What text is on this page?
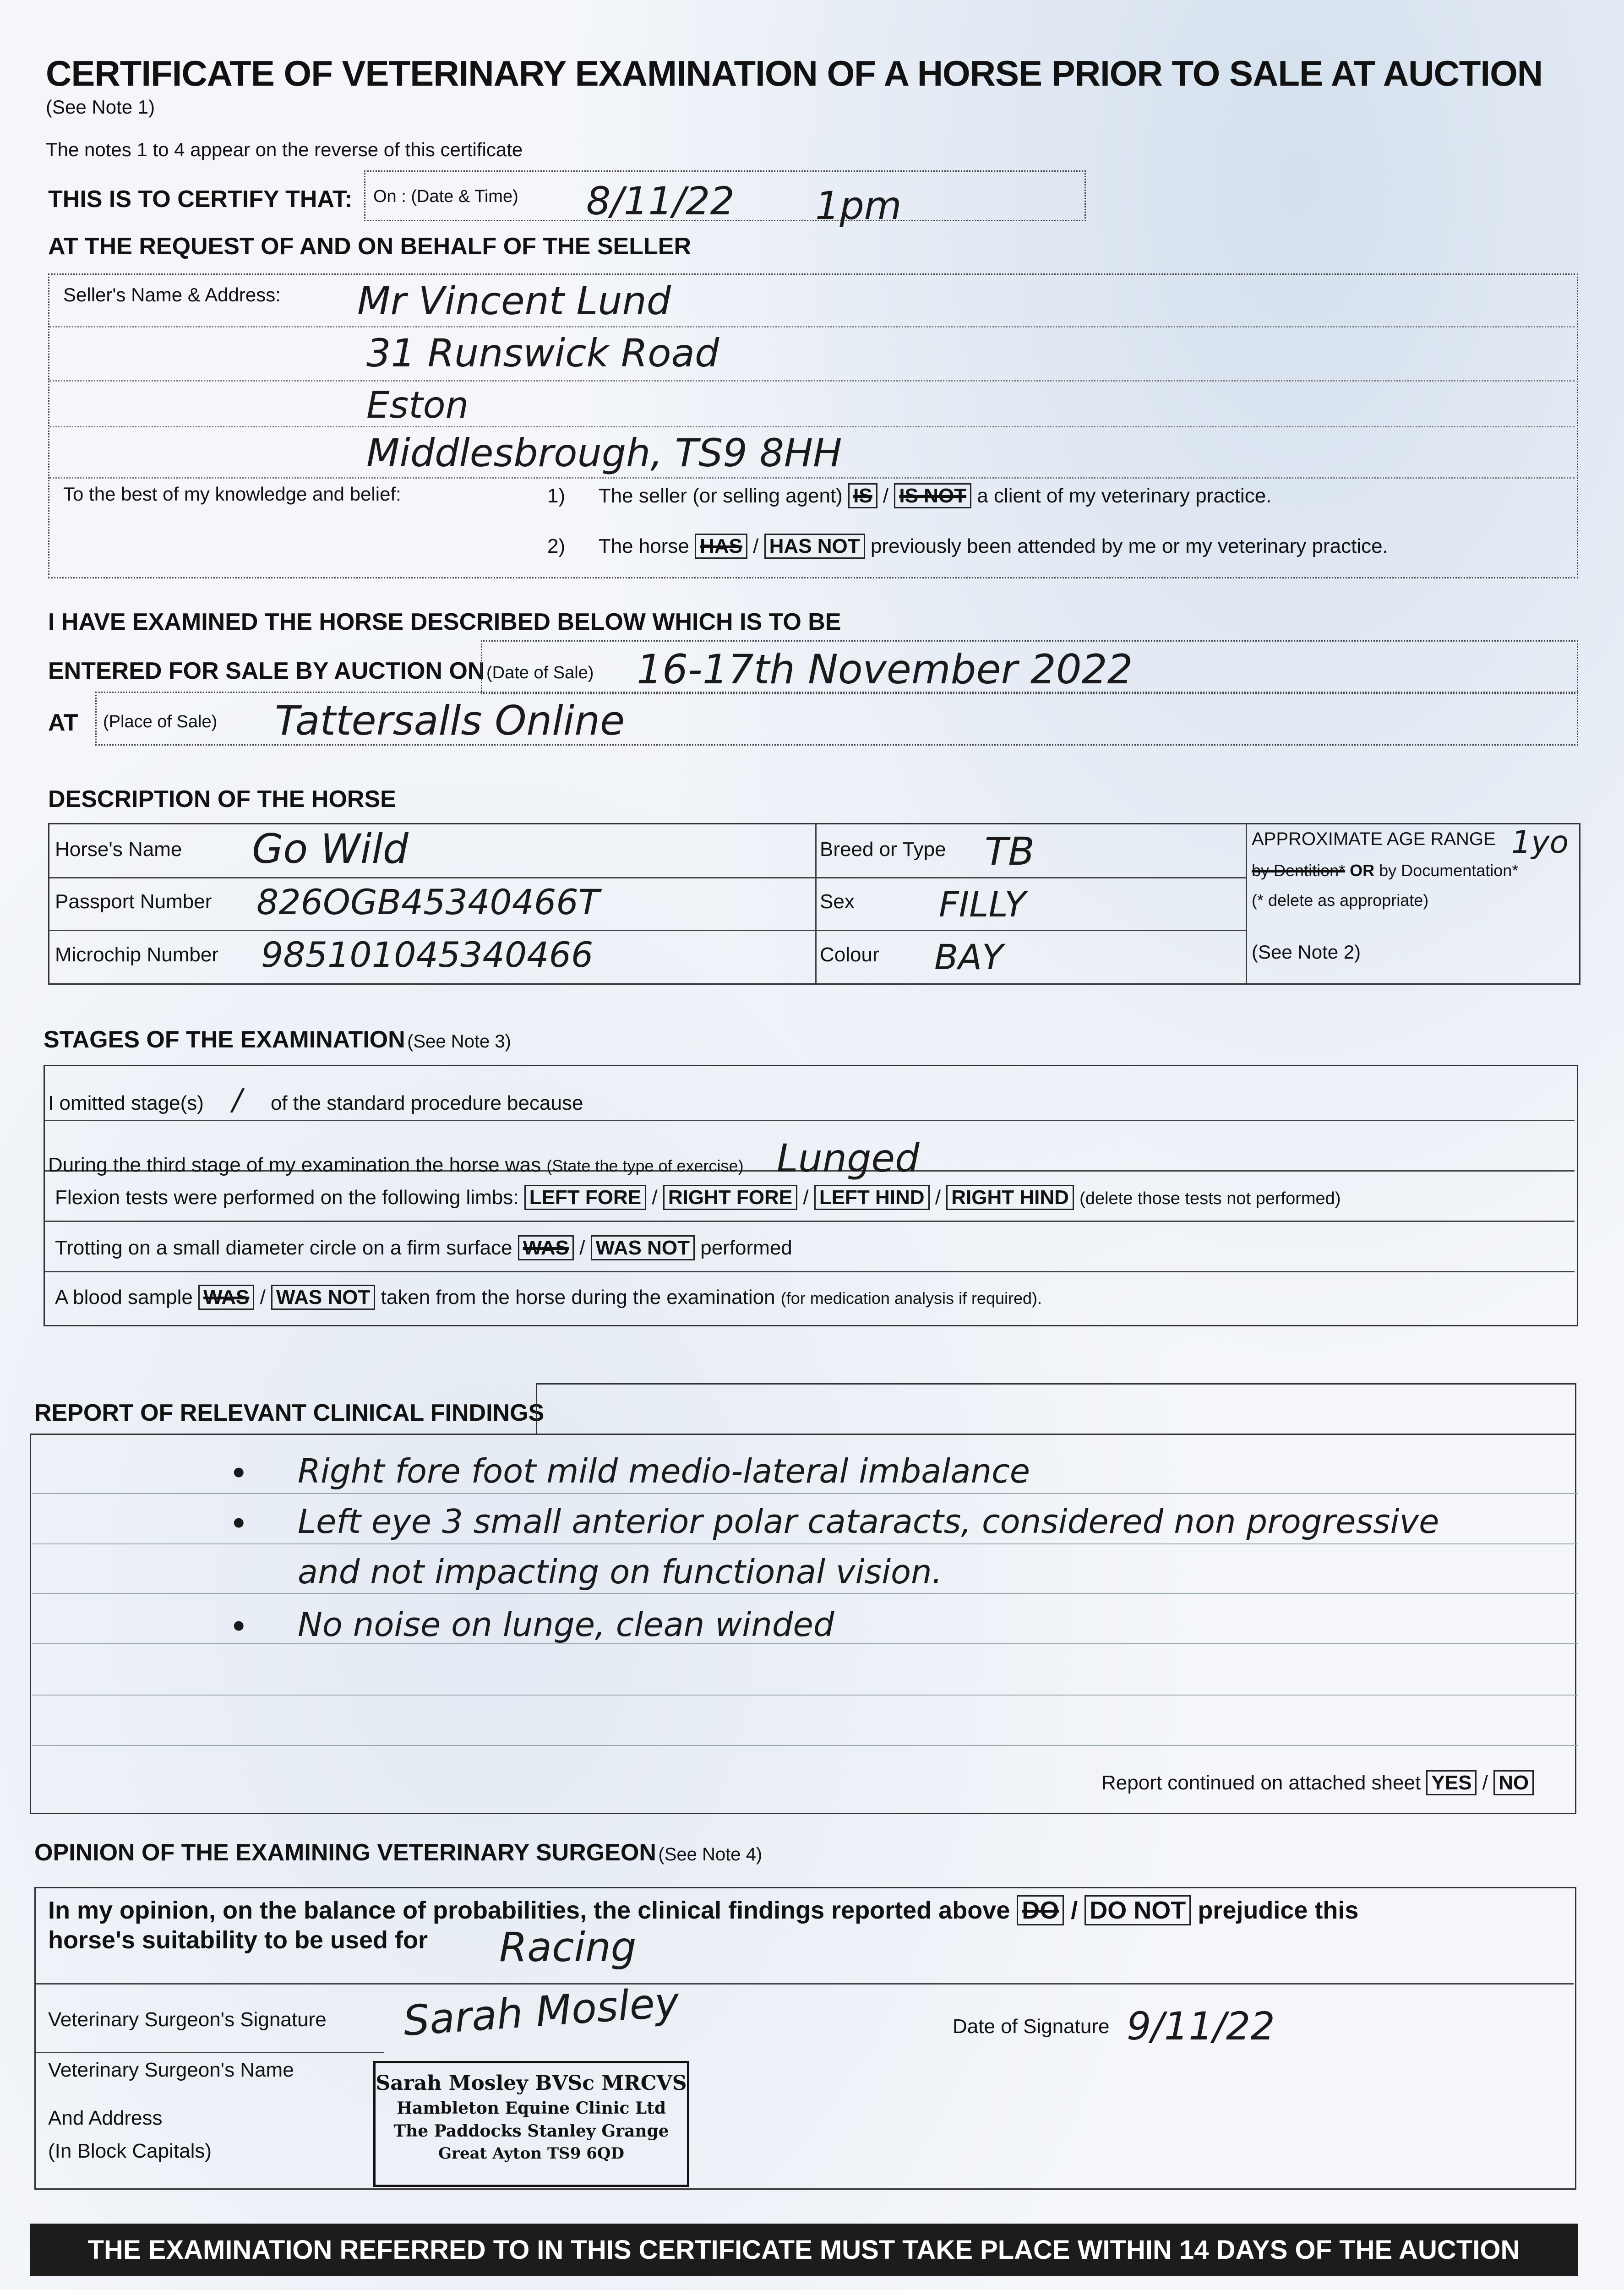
CERTIFICATE OF VETERINARY EXAMINATION OF A HORSE PRIOR TO SALE AT AUCTION
(See Note 1)
The notes 1 to 4 appear on the reverse of this certificate
THIS IS TO CERTIFY THAT: On : (Date & Time) 8/11/22 1pm
AT THE REQUEST OF AND ON BEHALF OF THE SELLER
Seller's Name & Address: Mr Vincent Lund
31 Runswick Road
Eston
Middlesbrough, TS9 8HH
To the best of my knowledge and belief:	1) The seller (or selling agent) IS / IS NOT a client of my veterinary practice.
2) The horse HAS / HAS NOT previously been attended by me or my veterinary practice.
I HAVE EXAMINED THE HORSE DESCRIBED BELOW WHICH IS TO BE
ENTERED FOR SALE BY AUCTION ON (Date of Sale) 16-17th November 2022
AT (Place of Sale) Tattersalls Online
DESCRIPTION OF THE HORSE
Horse's Name Go Wild
Passport Number 826OGB45340466T
Microchip Number 985101045340466
Breed or Type TB
Sex FILLY
Colour BAY
APPROXIMATE AGE RANGE 1yo
by Dentition* OR by Documentation*
(* delete as appropriate)
(See Note 2)
STAGES OF THE EXAMINATION (See Note 3)
I omitted stage(s) / of the standard procedure because
During the third stage of my examination the horse was (State the type of exercise) Lunged
Flexion tests were performed on the following limbs: LEFT FORE / RIGHT FORE / LEFT HIND / RIGHT HIND (delete those tests not performed)
Trotting on a small diameter circle on a firm surface WAS / WAS NOT performed
A blood sample WAS / WAS NOT taken from the horse during the examination (for medication analysis if required).
REPORT OF RELEVANT CLINICAL FINDINGS
• Right fore foot mild medio-lateral imbalance
• Left eye 3 small anterior polar cataracts, considered non progressive
and not impacting on functional vision.
• No noise on lunge, clean winded
Report continued on attached sheet YES / NO
OPINION OF THE EXAMINING VETERINARY SURGEON (See Note 4)
In my opinion, on the balance of probabilities, the clinical findings reported above DO / DO NOT prejudice this
horse's suitability to be used for Racing
Veterinary Surgeon's Signature Sarah Mosley	Date of Signature 9/11/22
Veterinary Surgeon's Name
And Address
(In Block Capitals)
Sarah Mosley BVSc MRCVS
Hambleton Equine Clinic Ltd
The Paddocks Stanley Grange
Great Ayton TS9 6QD
THE EXAMINATION REFERRED TO IN THIS CERTIFICATE MUST TAKE PLACE WITHIN 14 DAYS OF THE AUCTION
